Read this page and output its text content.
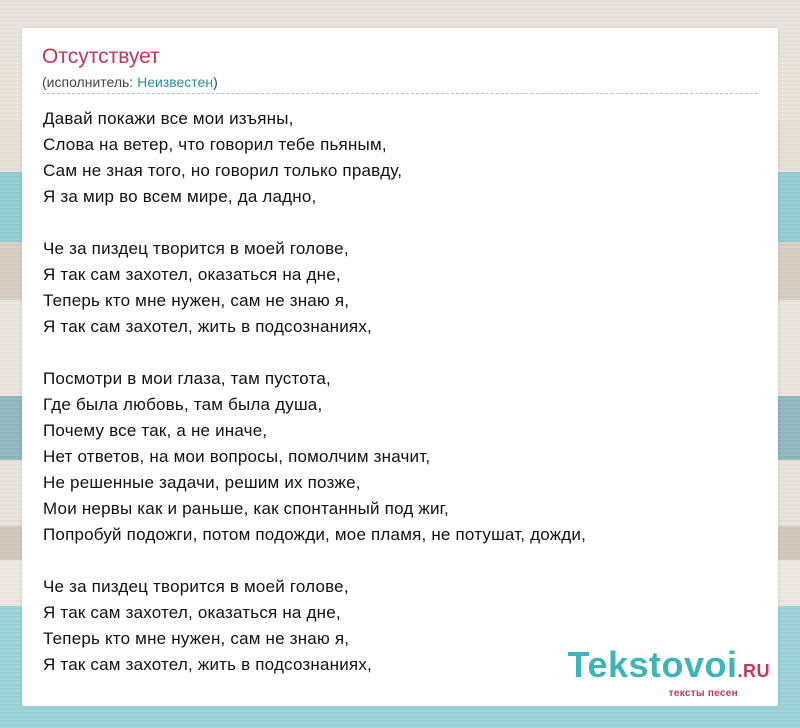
Отсутствует
(исполнитель: Неизвестен)
Давай покажи все мои изъяны,
Слова на ветер, что говорил тебе пьяным,
Сам не зная того, но говорил только правду,
Я за мир во всем мире, да ладно,
Че за пиздец творится в моей голове,
Я так сам захотел, оказаться на дне,
Теперь кто мне нужен, сам не знаю я,
Я так сам захотел, жить в подсознаниях,
Посмотри в мои глаза, там пустота,
Где была любовь, там была душа,
Почему все так, а не иначе,
Нет ответов, на мои вопросы, помолчим значит,
Не решенные задачи, решим их позже,
Мои нервы как и раньше, как спонтанный под жиг,
Попробуй подожги, потом подожди, мое пламя, не потушат, дожди,
Че за пиздец творится в моей голове,
Я так сам захотел, оказаться на дне,
Теперь кто мне нужен, сам не знаю я,
Я так сам захотел, жить в подсознаниях,	Tekstovoi.RU
тексты песен
